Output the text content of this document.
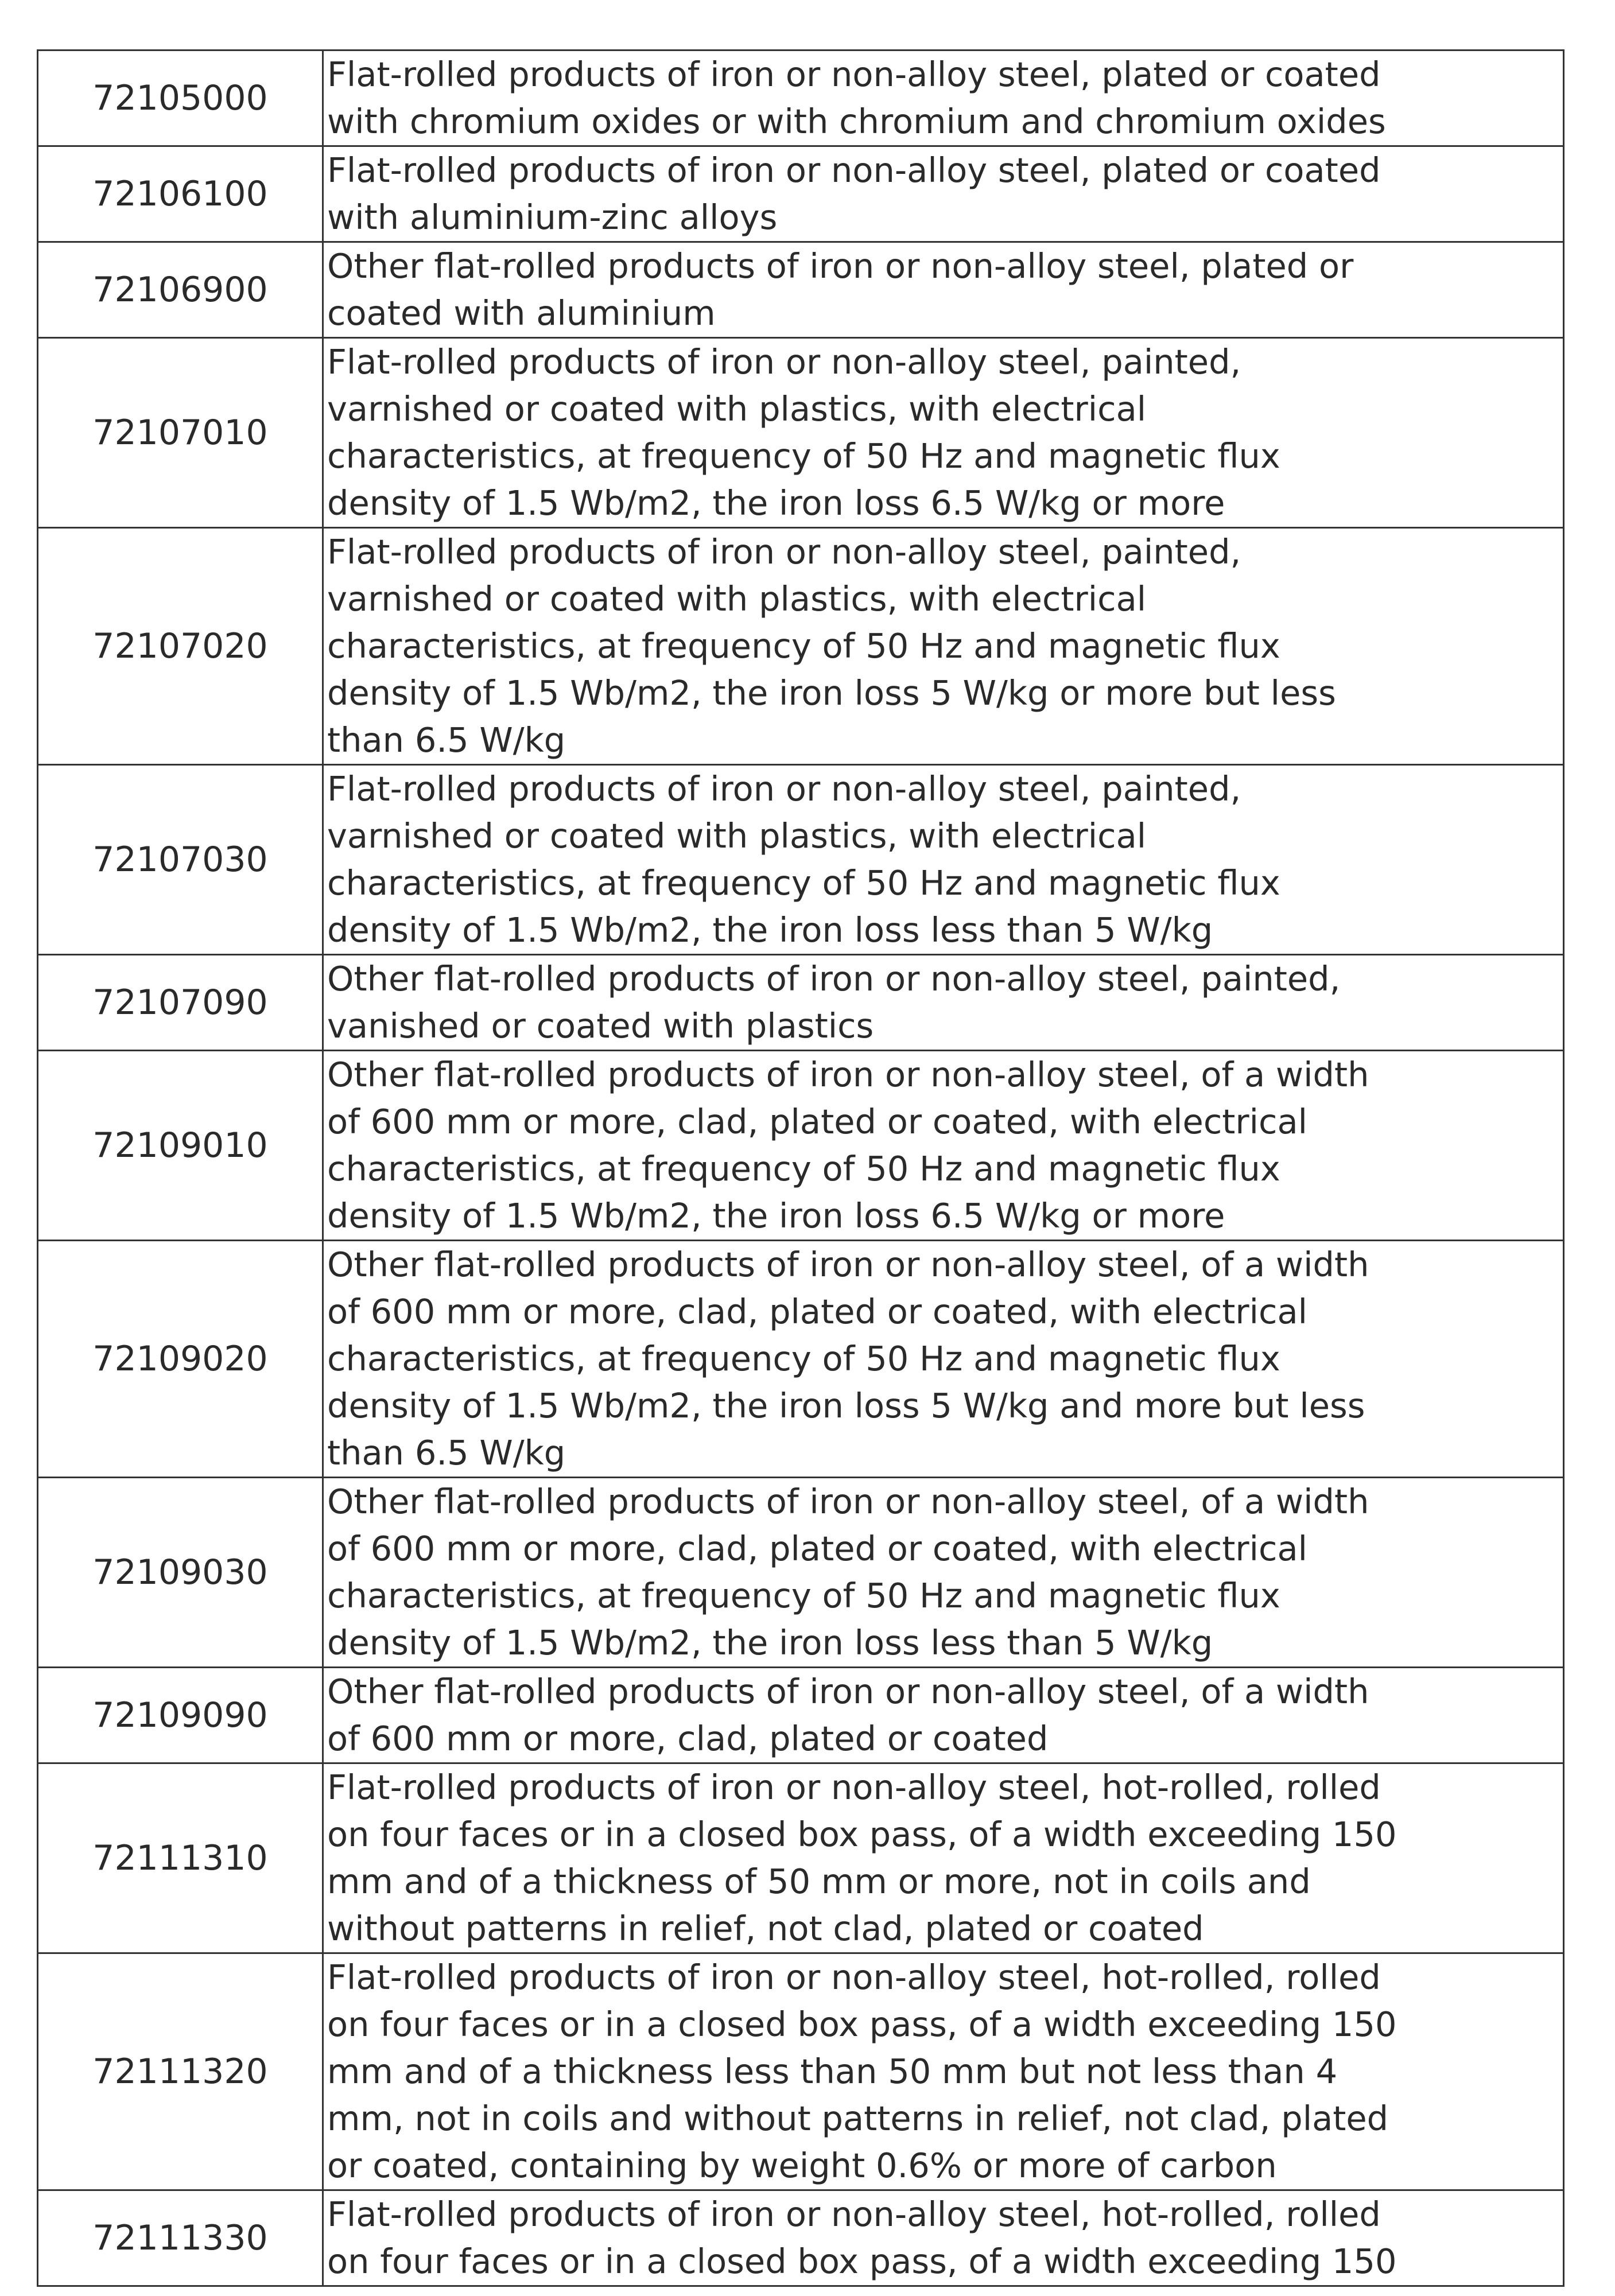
72105000	Flat-rolled products of iron or non-alloy steel, plated or coated
with chromium oxides or with chromium and chromium oxides

72106100	Flat-rolled products of iron or non-alloy steel, plated or coated
with aluminium-zinc alloys

72106900	Other flat-rolled products of iron or non-alloy steel, plated or
coated with aluminium

72107010	Flat-rolled products of iron or non-alloy steel, painted,
varnished or coated with plastics, with electrical
characteristics, at frequency of 50 Hz and magnetic flux
density of 1.5 Wb/m2, the iron loss 6.5 W/kg or more

72107020	Flat-rolled products of iron or non-alloy steel, painted,
varnished or coated with plastics, with electrical
characteristics, at frequency of 50 Hz and magnetic flux
density of 1.5 Wb/m2, the iron loss 5 W/kg or more but less
than 6.5 W/kg

72107030	Flat-rolled products of iron or non-alloy steel, painted,
varnished or coated with plastics, with electrical
characteristics, at frequency of 50 Hz and magnetic flux
density of 1.5 Wb/m2, the iron loss less than 5 W/kg

72107090	Other flat-rolled products of iron or non-alloy steel, painted,
vanished or coated with plastics

72109010	Other flat-rolled products of iron or non-alloy steel, of a width
of 600 mm or more, clad, plated or coated, with electrical
characteristics, at frequency of 50 Hz and magnetic flux
density of 1.5 Wb/m2, the iron loss 6.5 W/kg or more

72109020	Other flat-rolled products of iron or non-alloy steel, of a width
of 600 mm or more, clad, plated or coated, with electrical
characteristics, at frequency of 50 Hz and magnetic flux
density of 1.5 Wb/m2, the iron loss 5 W/kg and more but less
than 6.5 W/kg

72109030	Other flat-rolled products of iron or non-alloy steel, of a width
of 600 mm or more, clad, plated or coated, with electrical
characteristics, at frequency of 50 Hz and magnetic flux
density of 1.5 Wb/m2, the iron loss less than 5 W/kg

72109090	Other flat-rolled products of iron or non-alloy steel, of a width
of 600 mm or more, clad, plated or coated

72111310	Flat-rolled products of iron or non-alloy steel, hot-rolled, rolled
on four faces or in a closed box pass, of a width exceeding 150
mm and of a thickness of 50 mm or more, not in coils and
without patterns in relief, not clad, plated or coated

72111320	Flat-rolled products of iron or non-alloy steel, hot-rolled, rolled
on four faces or in a closed box pass, of a width exceeding 150
mm and of a thickness less than 50 mm but not less than 4
mm, not in coils and without patterns in relief, not clad, plated
or coated, containing by weight 0.6% or more of carbon

72111330	Flat-rolled products of iron or non-alloy steel, hot-rolled, rolled
on four faces or in a closed box pass, of a width exceeding 150
